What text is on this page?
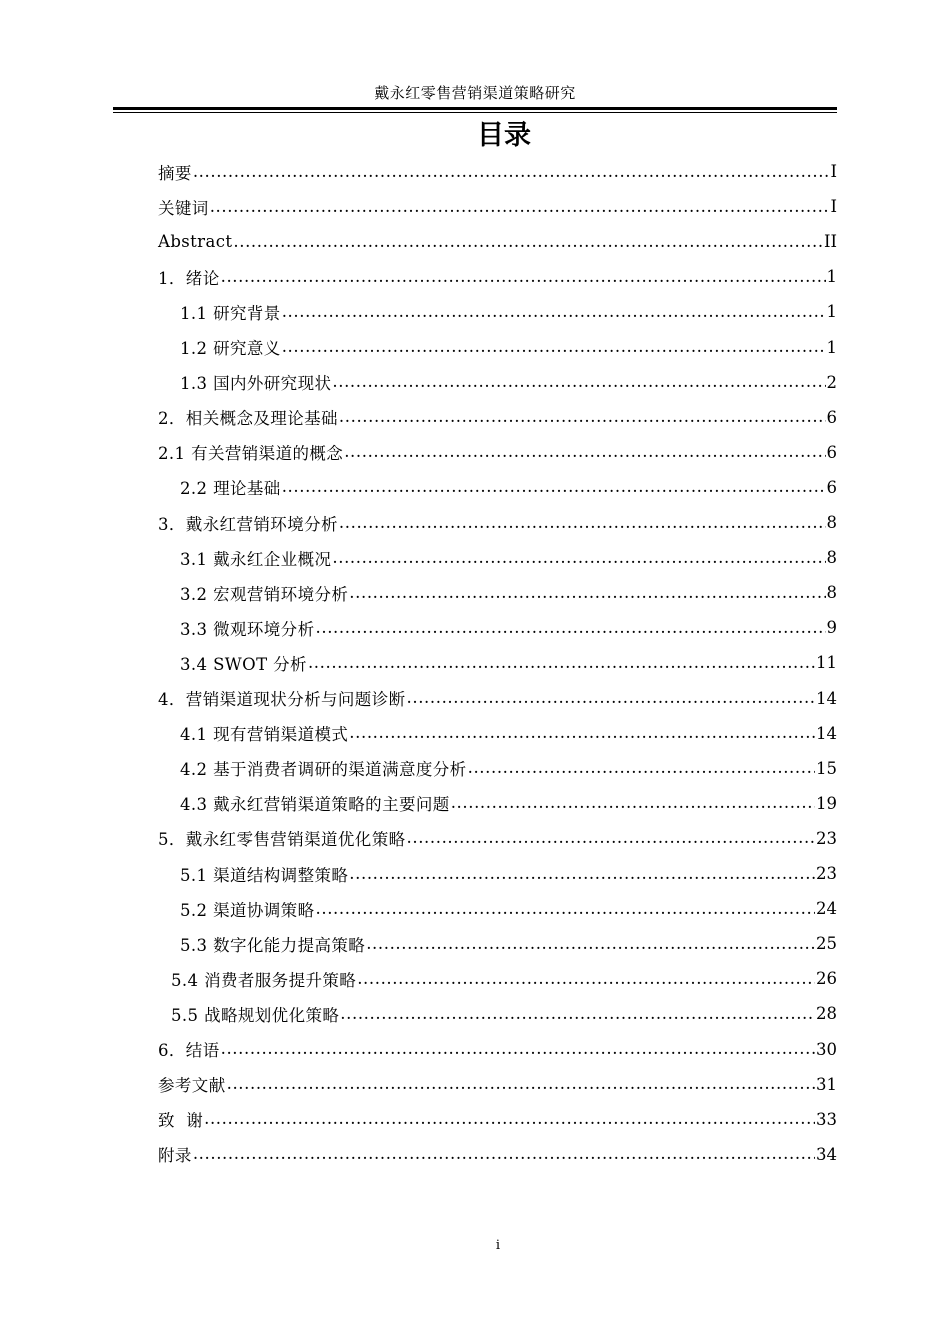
戴永红零售营销渠道策略研究
目录
摘要 .....	I
关键词 .....	I
Abstract .....	II
1．绪论 .....	1
1.1 研究背景 .....	1
1.2 研究意义 .....	1
1.3 国内外研究现状 .....	2
2．相关概念及理论基础 .....	6
2.1 有关营销渠道的概念 .....	6
2.2 理论基础 .....	6
3．戴永红营销环境分析 .....	8
3.1 戴永红企业概况 .....	8
3.2 宏观营销环境分析 .....	8
3.3 微观环境分析 .....	9
3.4 SWOT 分析 .....	11
4．营销渠道现状分析与问题诊断 .....	14
4.1 现有营销渠道模式 .....	14
4.2 基于消费者调研的渠道满意度分析 .....	15
4.3 戴永红营销渠道策略的主要问题 .....	19
5．戴永红零售营销渠道优化策略 .....	23
5.1 渠道结构调整策略 .....	23
5.2 渠道协调策略 .....	24
5.3 数字化能力提高策略 .....	25
5.4 消费者服务提升策略 .....	26
5.5 战略规划优化策略 .....	28
6．结语 .....	30
参考文献 .....	31
致  谢 .....	33
附录 .....	34
i
